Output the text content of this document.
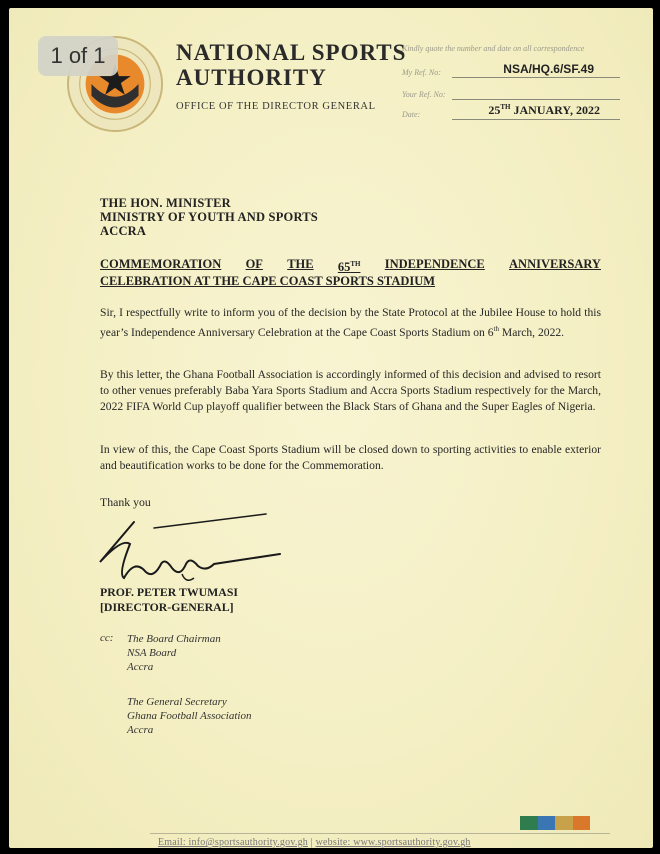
1 of 1	NATIONAL SPORTS
AUTHORITY
OFFICE OF THE DIRECTOR GENERAL
Kindly quote the number and date on all correspondence
My Ref. No:	NSA/HQ.6/SF.49
Your Ref. No:
Date:	25TH JANUARY, 2022
THE HON. MINISTER
MINISTRY OF YOUTH AND SPORTS
ACCRA
COMMEMORATION OF THE 65TH INDEPENDENCE ANNIVERSARY
CELEBRATION AT THE CAPE COAST SPORTS STADIUM
Sir, I respectfully write to inform you of the decision by the State Protocol at the Jubilee House to hold this year’s Independence Anniversary Celebration at the Cape Coast Sports Stadium on 6th March, 2022.
By this letter, the Ghana Football Association is accordingly informed of this decision and advised to resort to other venues preferably Baba Yara Sports Stadium and Accra Sports Stadium respectively for the March, 2022 FIFA World Cup playoff qualifier between the Black Stars of Ghana and the Super Eagles of Nigeria.
In view of this, the Cape Coast Sports Stadium will be closed down to sporting activities to enable exterior and beautification works to be done for the Commemoration.
Thank you
PROF. PETER TWUMASI
[DIRECTOR-GENERAL]
cc: The Board Chairman
NSA Board
Accra
The General Secretary
Ghana Football Association
Accra
Email: info@sportsauthority.gov.gh | website: www.sportsauthority.gov.gh
